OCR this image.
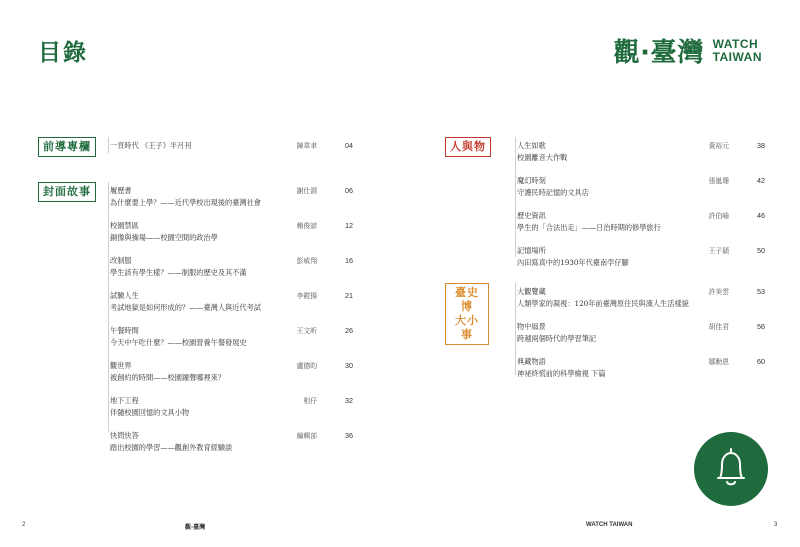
目錄	觀‧臺灣 WATCH
TAIWAN
前導專欄	一頁時代 《王子》半月刊	陳韋聿	04
封面故事	履歷書
為什麼要上學？——近代學校出現後的臺灣社會
謝仕淵	06
校園禁區
銅像與操場——校園空間的政治學
賴俊諺	12
改制服
學生該有學生樣？——制服的歷史及其不滿
彭威翔	16
試驗人生
考試地獄是如何形成的？——臺灣人與近代考試
李鎧揚	21
午餐時間
今天中午吃什麼？——校園營養午餐發展史
王文昕	26
觀世界
被創約的時間——校園鐘聲哪裡來？
盧德昀	30
地下工程
伴隨校園回憶的文具小物
相仔	32
快問快答
踏出校園的學習——觀創外教育經驗談
編輯部	36
人與物	人生如歌
校園離音大作戰
黃裕元	38
魔幻時刻
守護民時記憶的文具店
張嵐珊	42
歷史資訊
學生的「合法出走」——日治時期的修學旅行
許伯喻	46
記憶場所
內田寫真中的1930年代臺南孛仔腳
王子穎	50
臺史博
大小事
大觀覽藏
人類學家的凝視：120年前臺灣原住民與漢人生活樣貌
許美雲	53
物中風景
跨越兩個時代的學習筆記
胡佳君	56
典藏物語
神祕終慌前的科學檢視 下篇
鄒勳恩	60
2	觀‧臺灣	WATCH TAIWAN	3
